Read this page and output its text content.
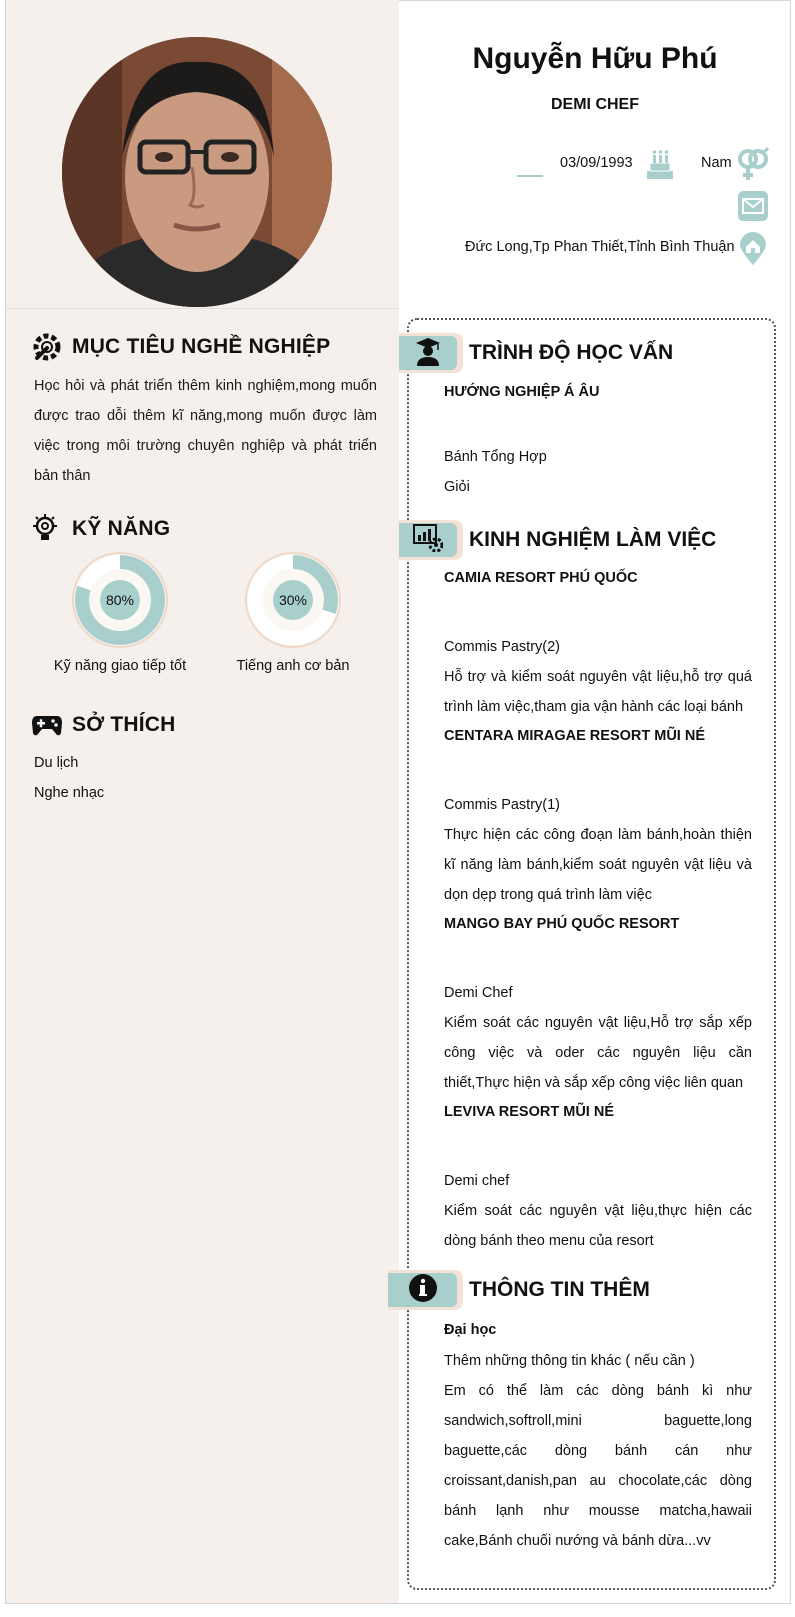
MỤC TIÊU NGHỀ NGHIỆP
Học hỏi và phát triển thêm kinh nghiệm,mong muốn được trao dỗi thêm kĩ năng,mong muốn được làm việc trong môi trường chuyên nghiệp và phát triển bản thân
KỸ NĂNG
80%
Kỹ năng giao tiếp tốt
30%
Tiếng anh cơ bản
SỞ THÍCH
Du lịch
Nghe nhạc
Nguyễn Hữu Phú
DEMI CHEF
03/09/1993	Nam
Đức Long,Tp Phan Thiết,Tỉnh Bình Thuận
TRÌNH ĐỘ HỌC VẤN
HƯỚNG NGHIỆP Á ÂU
Bánh Tổng Hợp
Giỏi
KINH NGHIỆM LÀM VIỆC
CAMIA RESORT PHÚ QUỐC
Commis Pastry(2)
Hỗ trợ và kiểm soát nguyên vật liệu,hỗ trợ quá trình làm việc,tham gia vận hành các loại bánh
CENTARA MIRAGAE RESORT MŨI NÉ
Commis Pastry(1)
Thực hiện các công đoạn làm bánh,hoàn thiện kĩ năng làm bánh,kiểm soát nguyên vật liệu và dọn dẹp trong quá trình làm việc
MANGO BAY PHÚ QUỐC RESORT
Demi Chef
Kiểm soát các nguyên vật liệu,Hỗ trợ sắp xếp công việc và oder các nguyên liệu cần thiết,Thực hiện và sắp xếp công việc liên quan
LEVIVA RESORT MŨI NÉ
Demi chef
Kiểm soát các nguyên vật liệu,thực hiện các dòng bánh theo menu của resort
THÔNG TIN THÊM
Đại học
Thêm những thông tin khác ( nếu cần )
Em có thể làm các dòng bánh kì như sandwich,softroll,mini baguette,long baguette,các dòng bánh cán như croissant,danish,pan au chocolate,các dòng bánh lạnh như mousse matcha,hawaii cake,Bánh chuối nướng và bánh dừa...vv
